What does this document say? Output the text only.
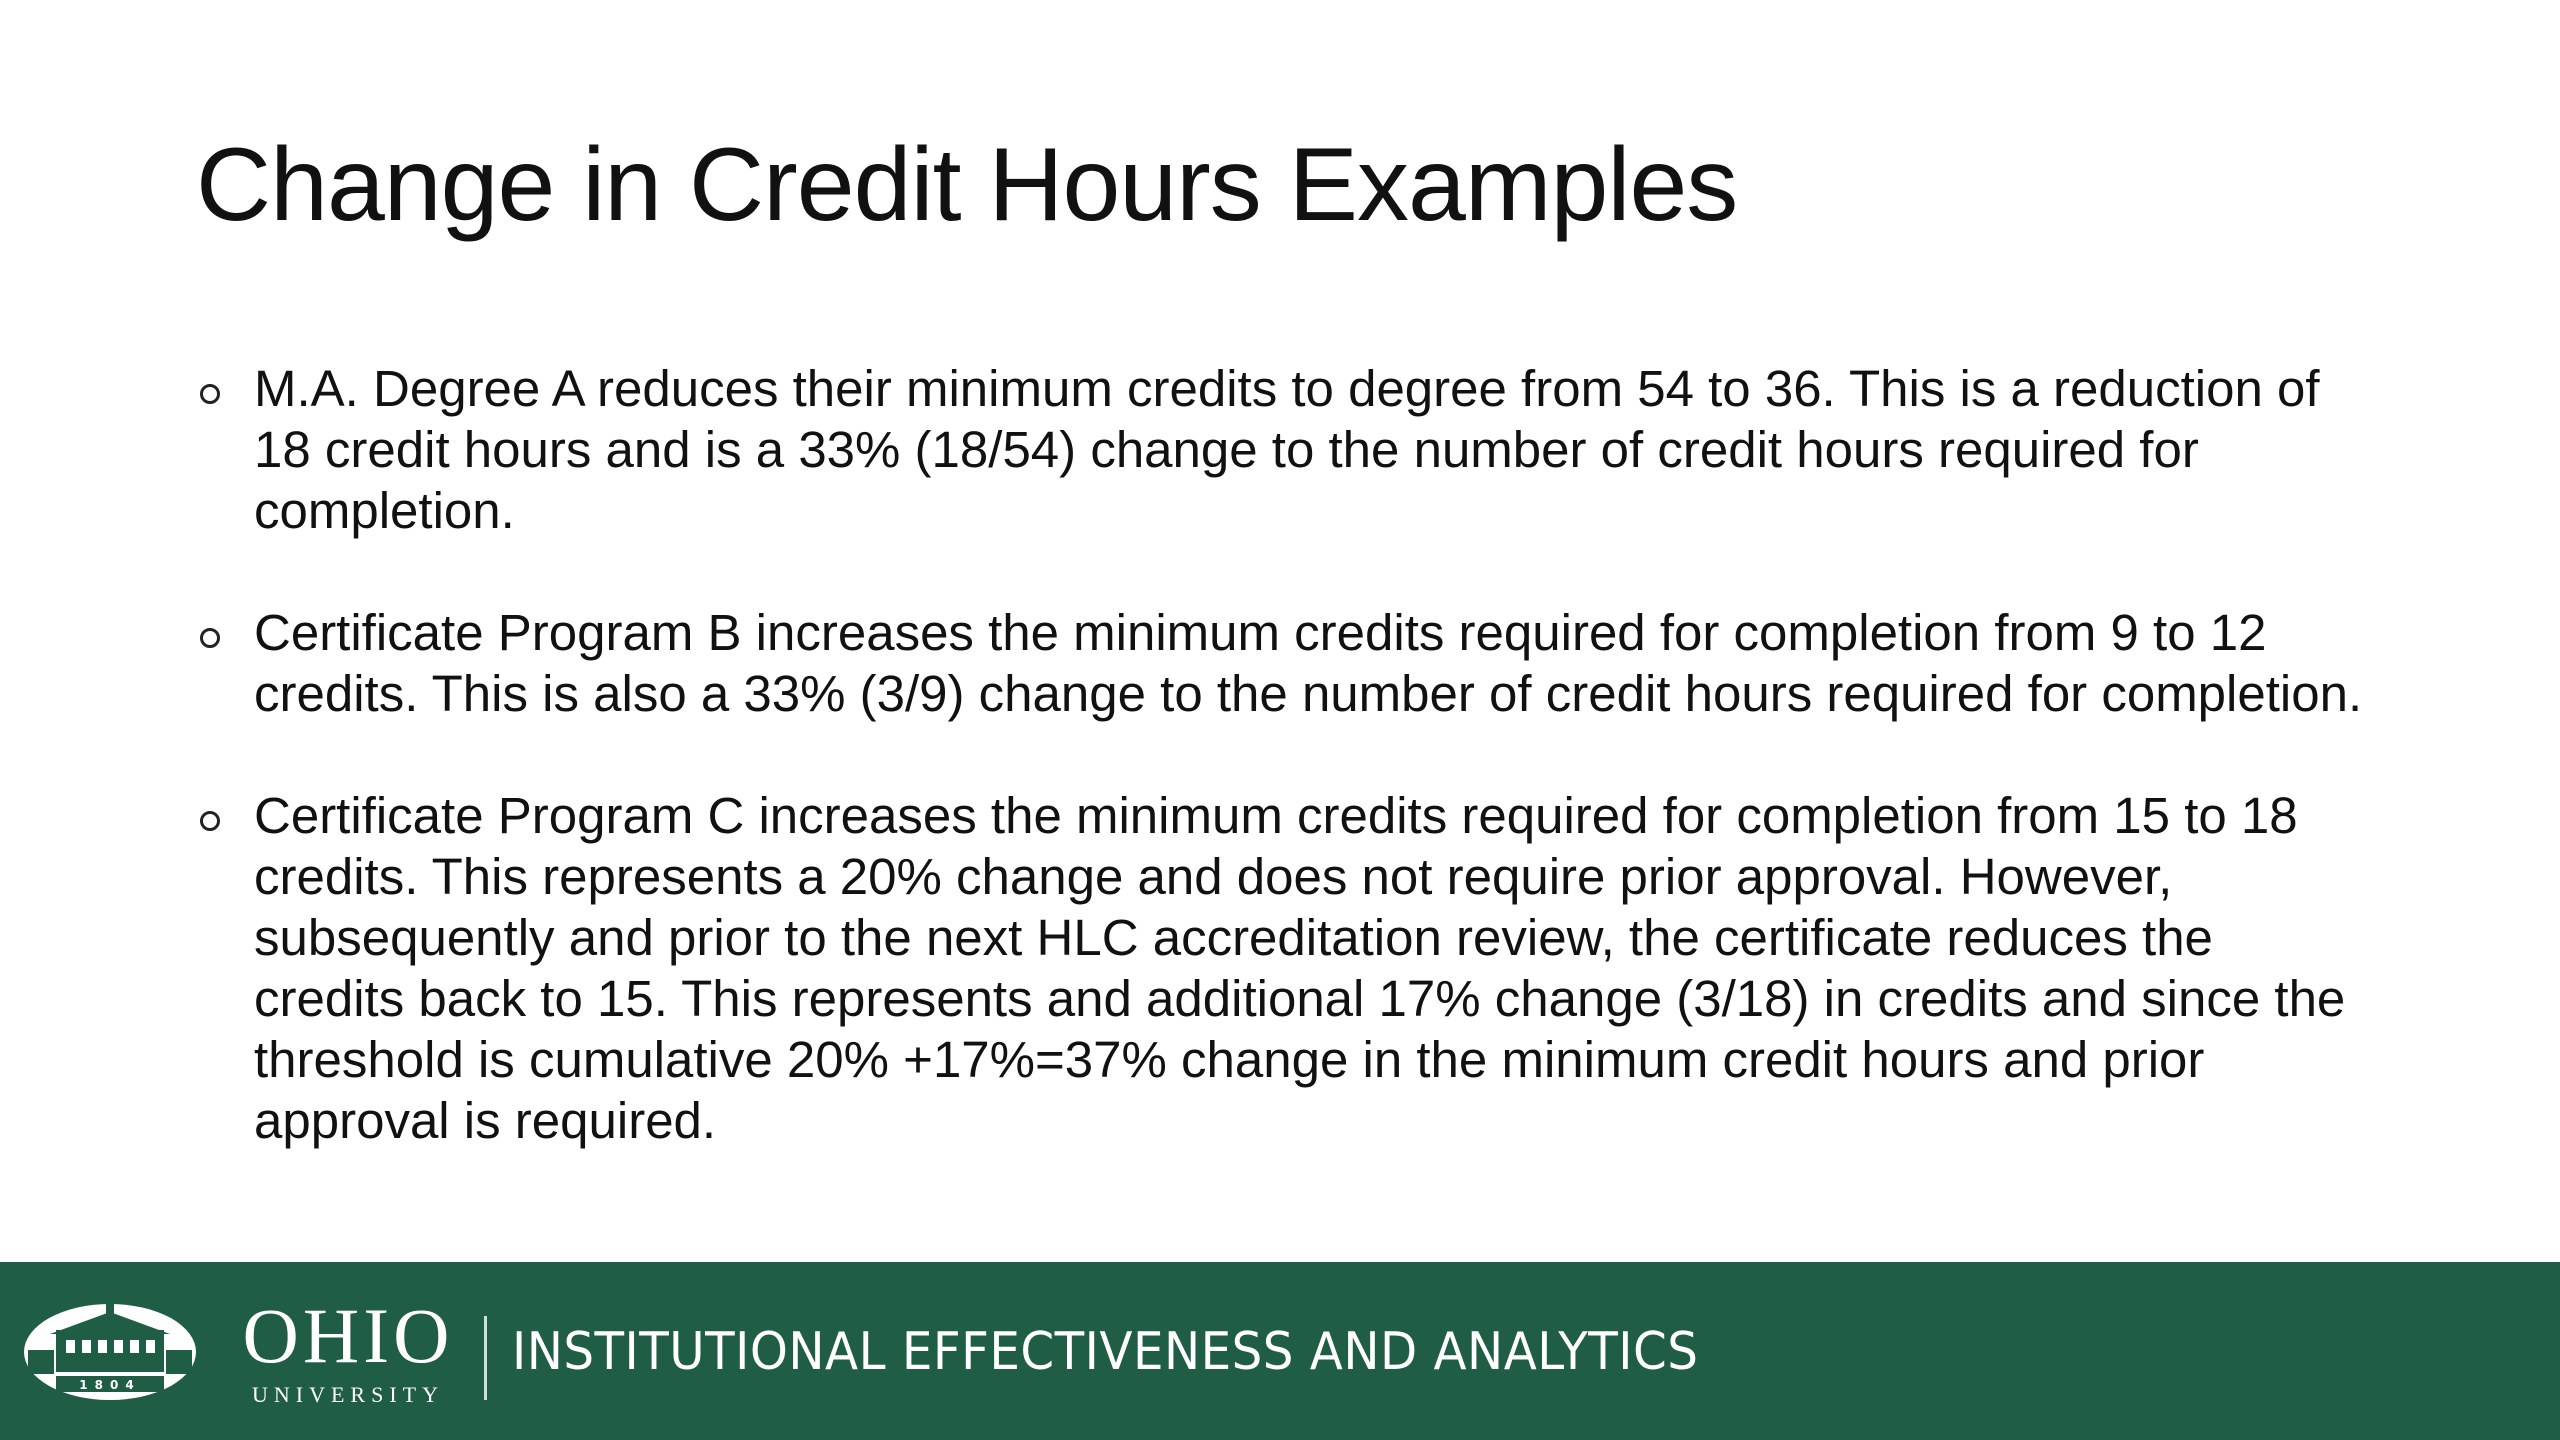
Change in Credit Hours Examples
M.A. Degree A reduces their minimum credits to degree from 54 to 36. This is a reduction of 18 credit hours and is a 33% (18/54) change to the number of credit hours required for completion.
Certificate Program B increases the minimum credits required for completion from 9 to 12 credits. This is also a 33% (3/9) change to the number of credit hours required for completion.
Certificate Program C increases the minimum credits required for completion from 15 to 18 credits. This represents a 20% change and does not require prior approval. However, subsequently and prior to the next HLC accreditation review, the certificate reduces the credits back to 15. This represents and additional 17% change (3/18) in credits and since the threshold is cumulative 20% +17%=37% change in the minimum credit hours and prior approval is required.
1804
OHIO
UNIVERSITY
INSTITUTIONAL EFFECTIVENESS AND ANALYTICS
